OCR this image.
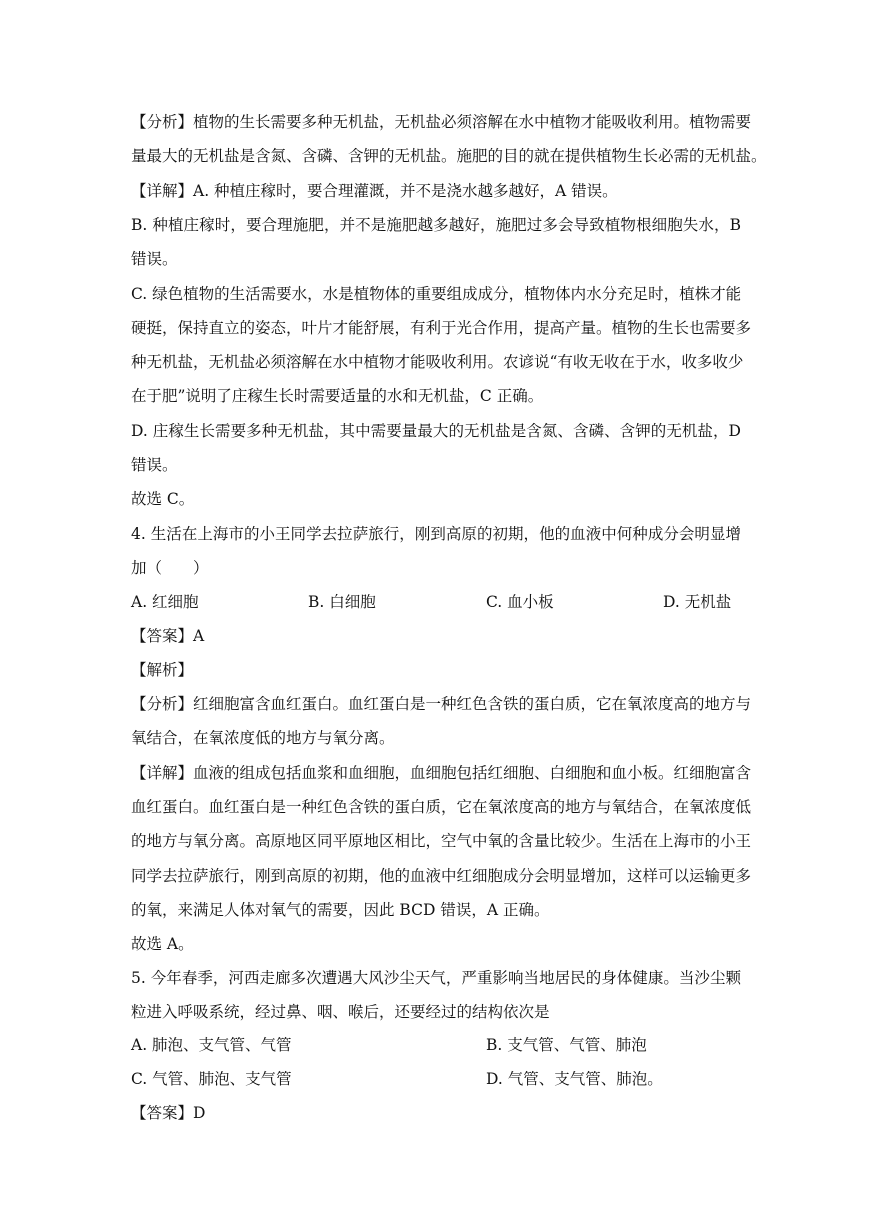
【分析】植物的生长需要多种无机盐，无机盐必须溶解在水中植物才能吸收利用。植物需要
量最大的无机盐是含氮、含磷、含钾的无机盐。施肥的目的就在提供植物生长必需的无机盐。
【详解】A. 种植庄稼时，要合理灌溉，并不是浇水越多越好，A 错误。
B. 种植庄稼时，要合理施肥，并不是施肥越多越好，施肥过多会导致植物根细胞失水，B
错误。
C. 绿色植物的生活需要水，水是植物体的重要组成成分，植物体内水分充足时，植株才能
硬挺，保持直立的姿态，叶片才能舒展，有利于光合作用，提高产量。植物的生长也需要多
种无机盐，无机盐必须溶解在水中植物才能吸收利用。农谚说“有收无收在于水，收多收少
在于肥”说明了庄稼生长时需要适量的水和无机盐，C 正确。
D. 庄稼生长需要多种无机盐，其中需要量最大的无机盐是含氮、含磷、含钾的无机盐，D
错误。
故选 C。
4. 生活在上海市的小王同学去拉萨旅行，刚到高原的初期，他的血液中何种成分会明显增
加（　　）
A. 红细胞	B. 白细胞	C. 血小板	D. 无机盐
【答案】A
【解析】
【分析】红细胞富含血红蛋白。血红蛋白是一种红色含铁的蛋白质，它在氧浓度高的地方与
氧结合，在氧浓度低的地方与氧分离。
【详解】血液的组成包括血浆和血细胞，血细胞包括红细胞、白细胞和血小板。红细胞富含
血红蛋白。血红蛋白是一种红色含铁的蛋白质，它在氧浓度高的地方与氧结合，在氧浓度低
的地方与氧分离。高原地区同平原地区相比，空气中氧的含量比较少。生活在上海市的小王
同学去拉萨旅行，刚到高原的初期，他的血液中红细胞成分会明显增加，这样可以运输更多
的氧，来满足人体对氧气的需要，因此 BCD 错误，A 正确。
故选 A。
5. 今年春季，河西走廊多次遭遇大风沙尘天气，严重影响当地居民的身体健康。当沙尘颗
粒进入呼吸系统，经过鼻、咽、喉后，还要经过的结构依次是
A. 肺泡、支气管、气管	B. 支气管、气管、肺泡
C. 气管、肺泡、支气管	D. 气管、支气管、肺泡。
【答案】D
